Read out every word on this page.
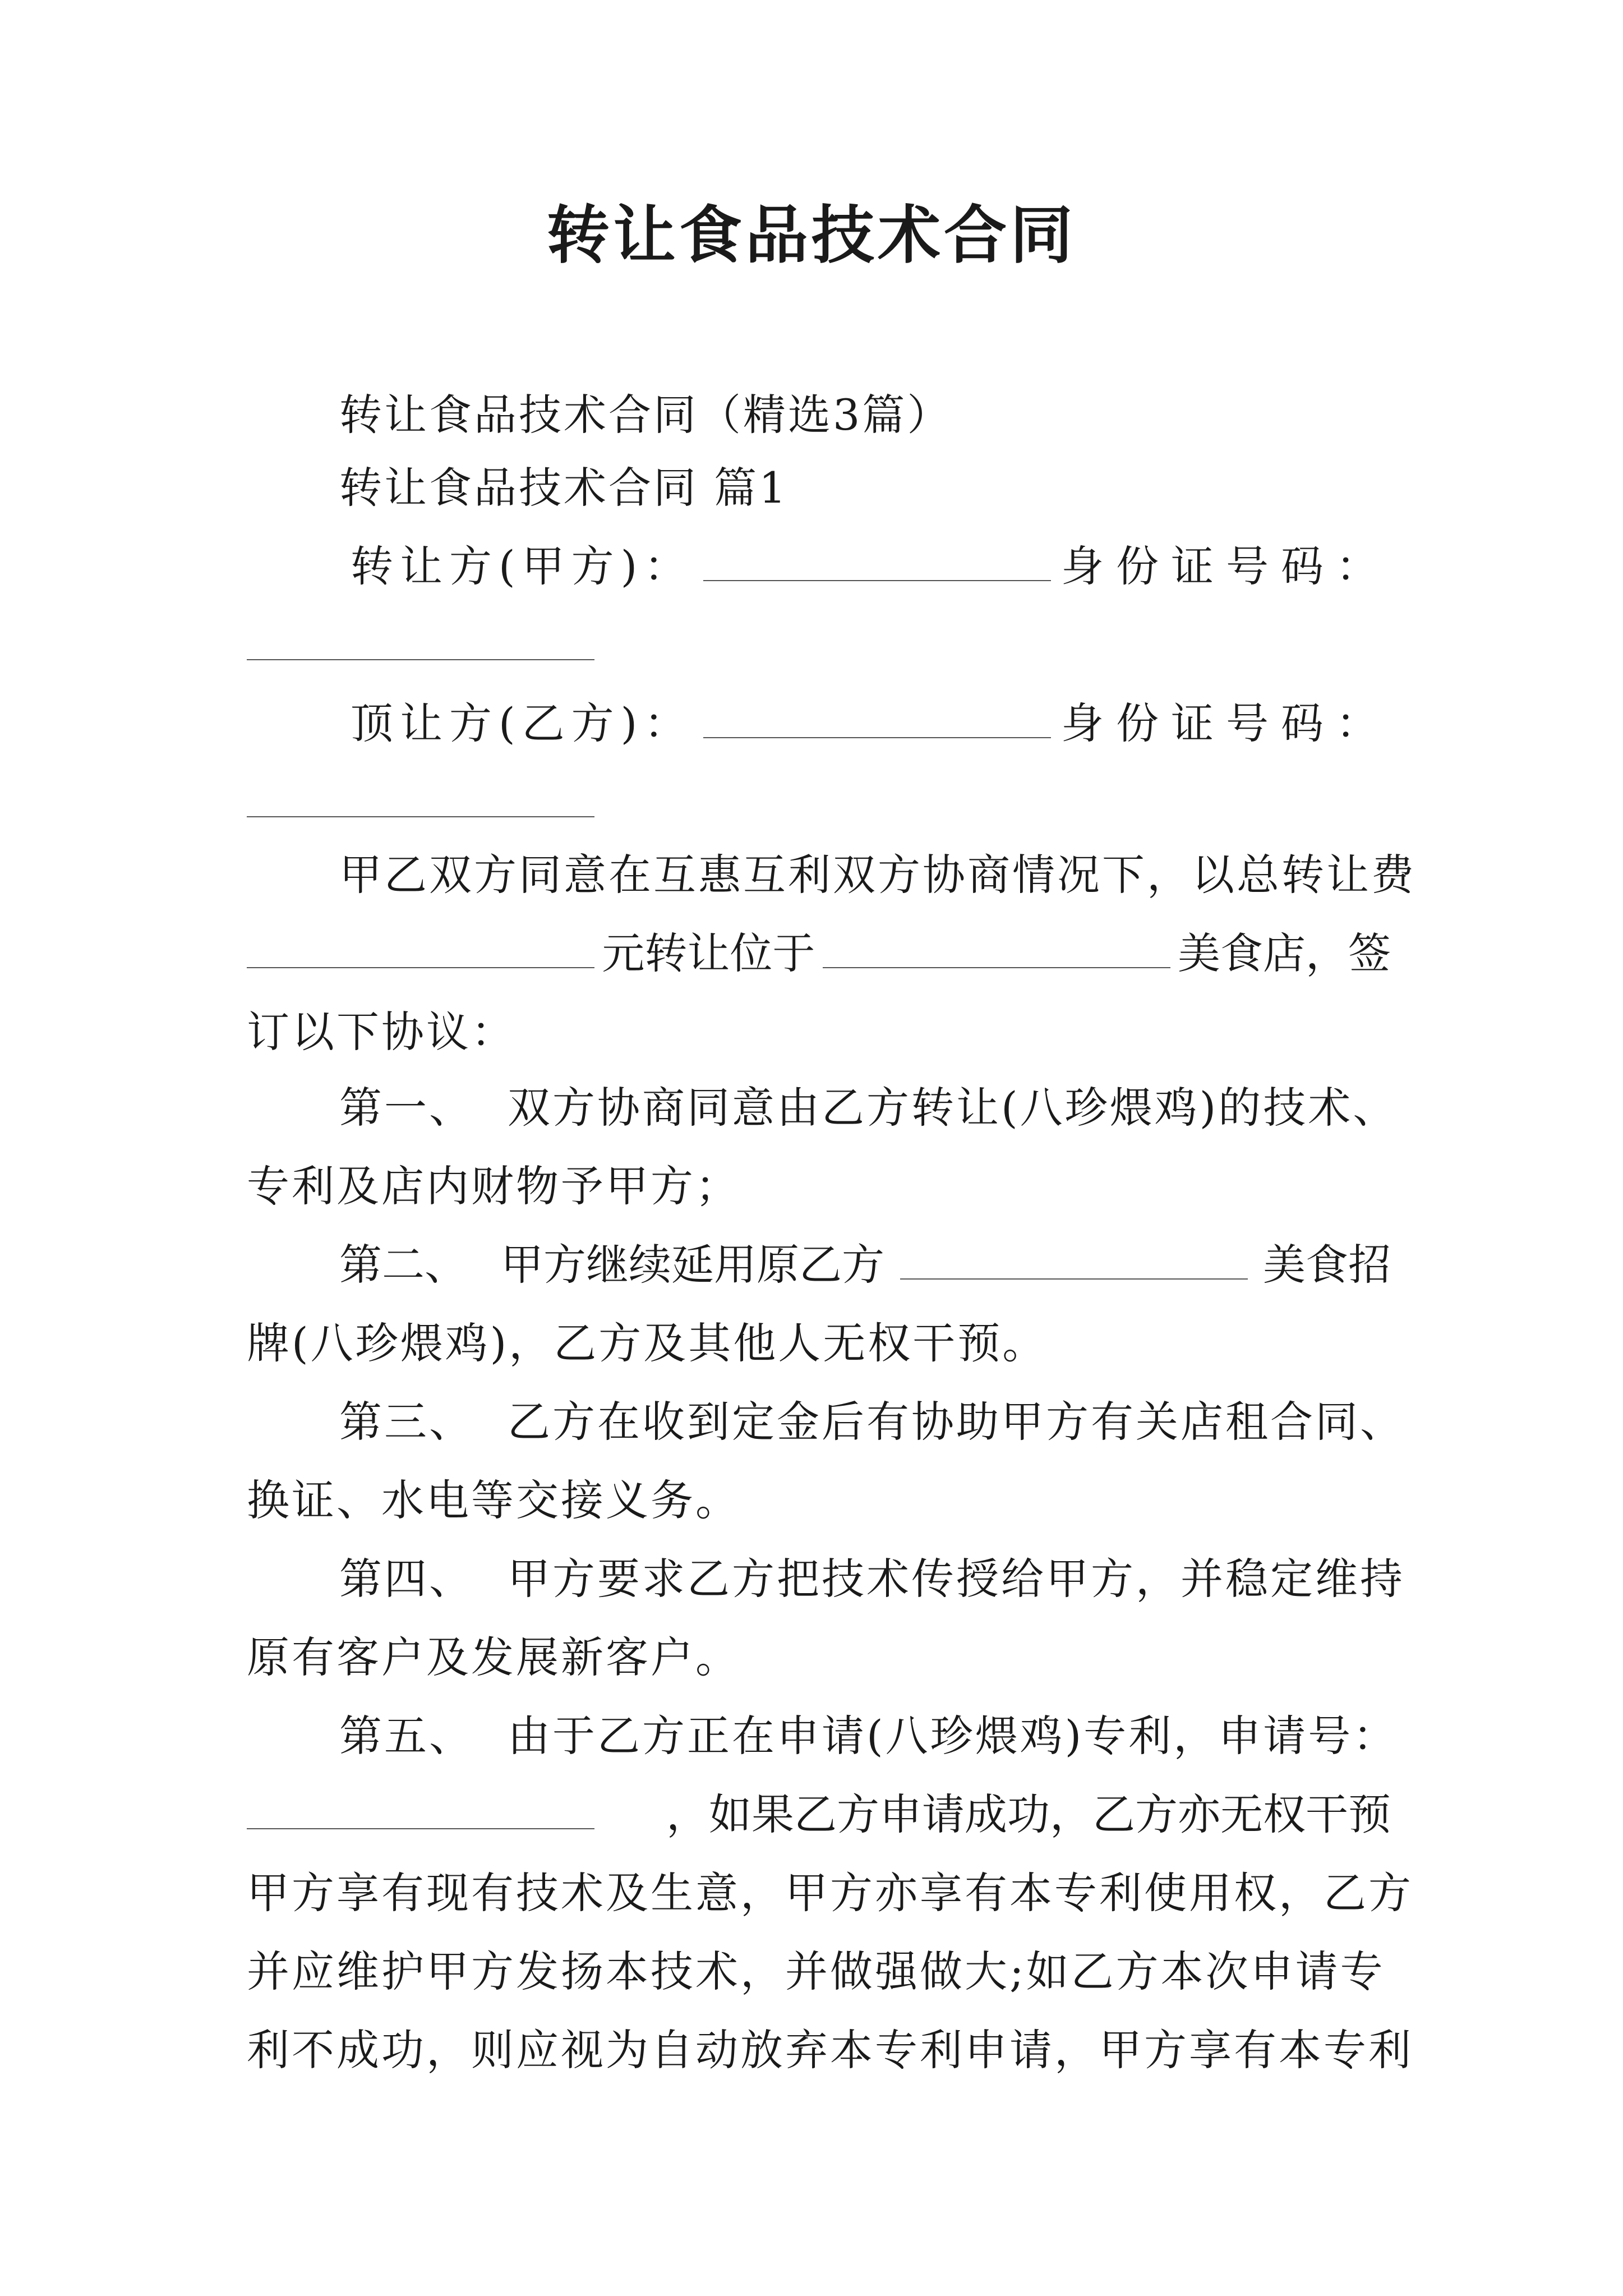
转让食品技术合同
转让食品技术合同（精选3篇）
转让食品技术合同 篇1
转让方(甲方)：	身份证号码：
顶让方(乙方)：	身份证号码：
甲乙双方同意在互惠互利双方协商情况下，以总转让费
元转让位于	美食店，签
订以下协议：
第一、 双方协商同意由乙方转让(八珍煨鸡)的技术、
专利及店内财物予甲方；
第二、 甲方继续延用原乙方	美食招
牌(八珍煨鸡)，乙方及其他人无权干预。
第三、 乙方在收到定金后有协助甲方有关店租合同、
换证、水电等交接义务。
第四、 甲方要求乙方把技术传授给甲方，并稳定维持
原有客户及发展新客户。
第五、 由于乙方正在申请(八珍煨鸡)专利，申请号：
，如果乙方申请成功，乙方亦无权干预
甲方享有现有技术及生意，甲方亦享有本专利使用权，乙方
并应维护甲方发扬本技术，并做强做大;如乙方本次申请专
利不成功，则应视为自动放弃本专利申请，甲方享有本专利
